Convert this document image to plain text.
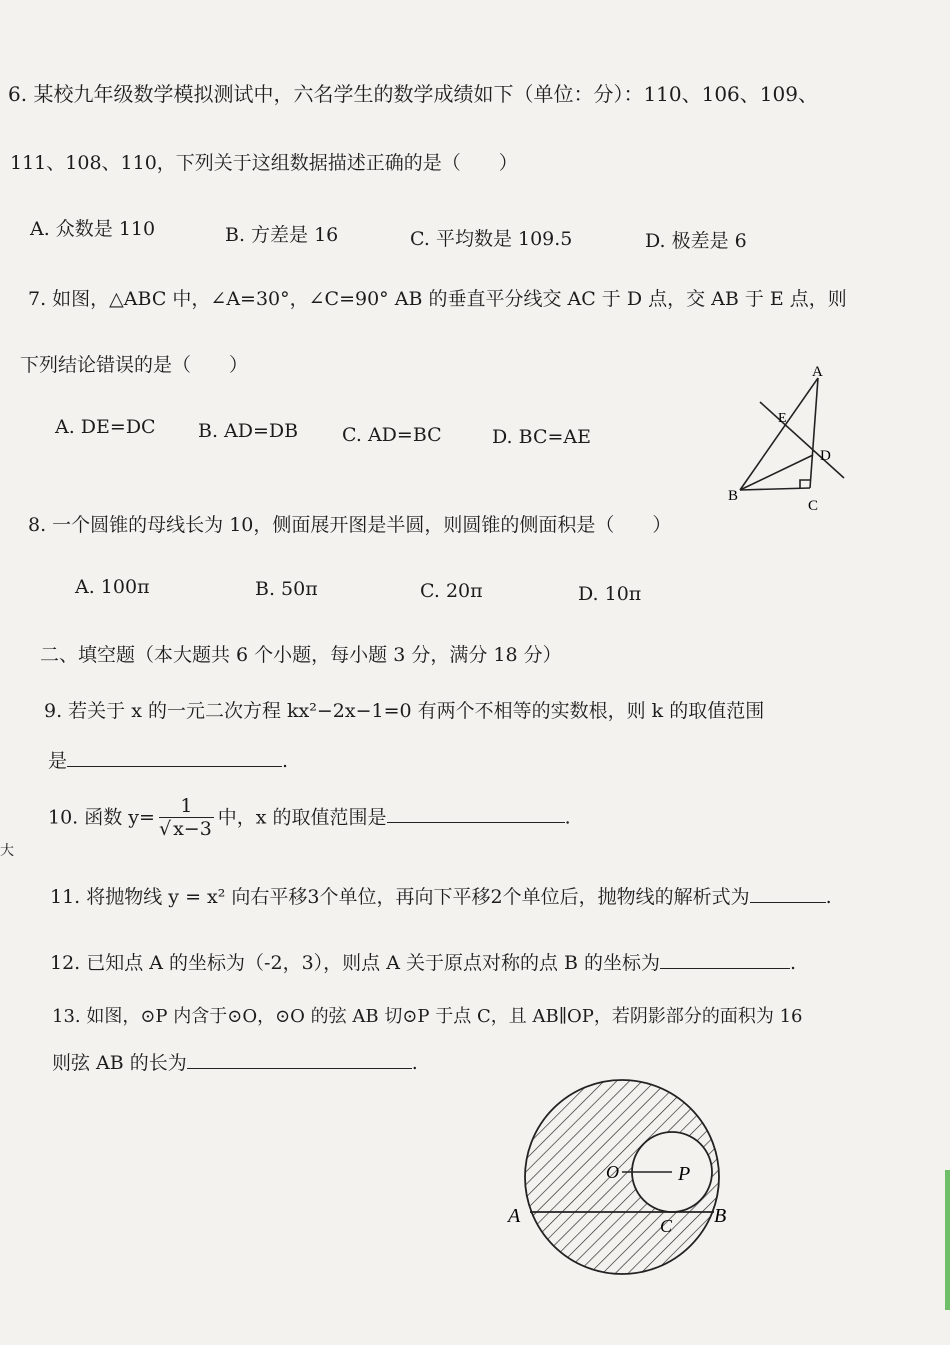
6. 某校九年级数学模拟测试中，六名学生的数学成绩如下（单位：分）：110、106、109、
111、108、110，下列关于这组数据描述正确的是（　　）
A. 众数是 110	B. 方差是 16	C. 平均数是 109.5	D. 极差是 6
7. 如图，△ABC 中，∠A=30°，∠C=90° AB 的垂直平分线交 AC 于 D 点，交 AB 于 E 点，则
下列结论错误的是（　　）
A. DE=DC B. AD=DB C. AD=BC	D. BC=AE
A
E
D
B
C
8. 一个圆锥的母线长为 10，侧面展开图是半圆，则圆锥的侧面积是（　　）
A. 100π	B. 50π	C. 20π	D. 10π
二、填空题（本大题共 6 个小题，每小题 3 分，满分 18 分）
9. 若关于 x 的一元二次方程 kx²−2x−1=0 有两个不相等的实数根，则 k 的取值范围
是	.
10. 函数 $y= \frac{1}{√ x-3}$ 中，x 的取值范围是	.
大
11. 将抛物线 y = x² 向右平移3个单位，再向下平移2个单位后，抛物线的解析式为	.
12. 已知点 A 的坐标为（-2，3），则点 A 关于原点对称的点 B 的坐标为	.
13. 如图，⊙P 内含于⊙O，⊙O 的弦 AB 切⊙P 于点 C，且 AB∥OP，若阴影部分的面积为 16
则弦 AB 的长为	.
O	P
A	B
C
